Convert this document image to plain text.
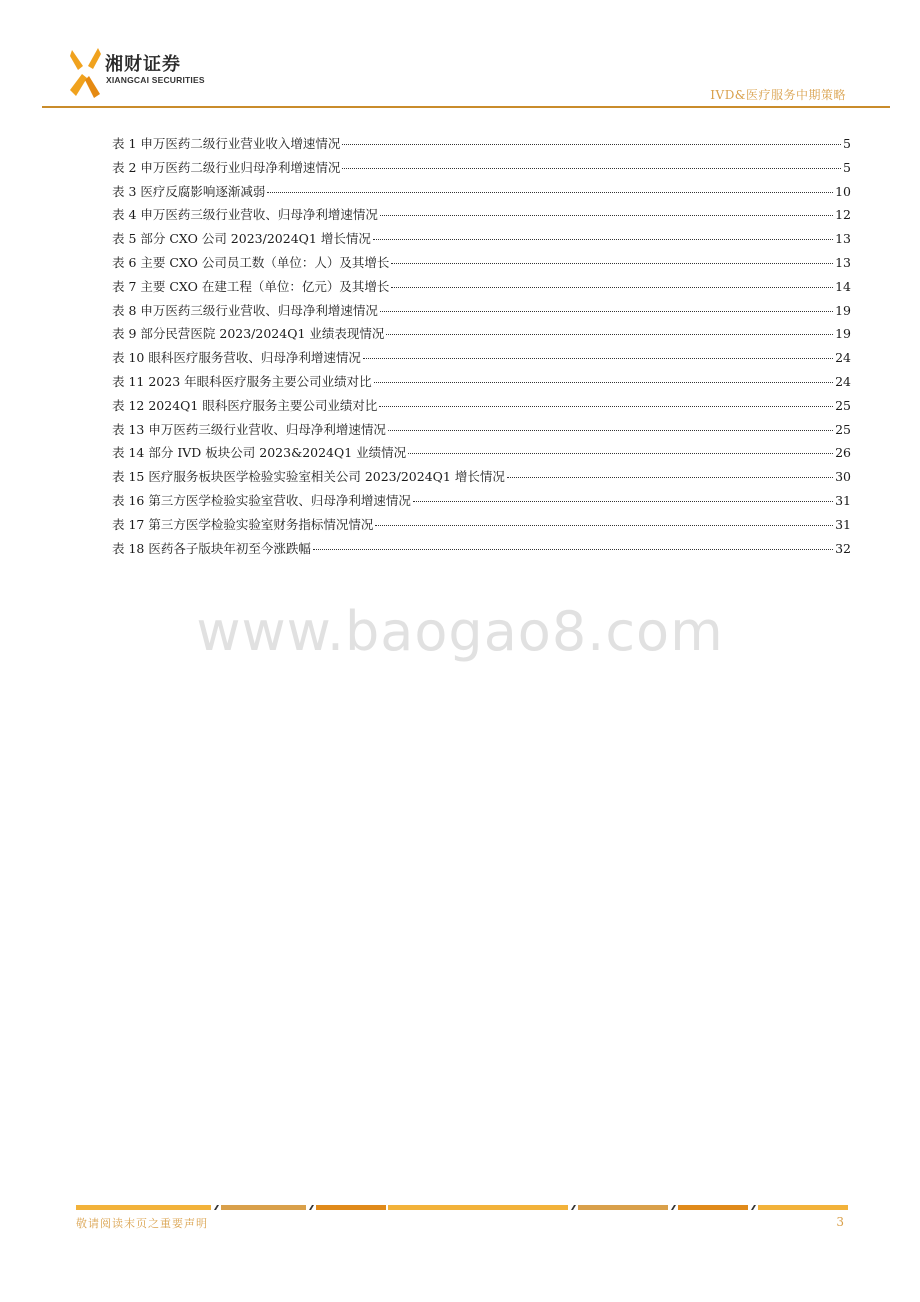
湘财证券
XIANGCAI SECURITIES
IVD&医疗服务中期策略
表 1 申万医药二级行业营业收入增速情况	5
表 2 申万医药二级行业归母净利增速情况	5
表 3 医疗反腐影响逐渐减弱	10
表 4 申万医药三级行业营收、归母净利增速情况	12
表 5 部分 CXO 公司 2023/2024Q1 增长情况	13
表 6 主要 CXO 公司员工数（单位：人）及其增长	13
表 7 主要 CXO 在建工程（单位：亿元）及其增长	14
表 8 申万医药三级行业营收、归母净利增速情况	19
表 9 部分民营医院 2023/2024Q1 业绩表现情况	19
表 10 眼科医疗服务营收、归母净利增速情况	24
表 11 2023 年眼科医疗服务主要公司业绩对比	24
表 12 2024Q1 眼科医疗服务主要公司业绩对比	25
表 13 申万医药三级行业营收、归母净利增速情况	25
表 14 部分 IVD 板块公司 2023&2024Q1 业绩情况	26
表 15 医疗服务板块医学检验实验室相关公司 2023/2024Q1 增长情况	30
表 16 第三方医学检验实验室营收、归母净利增速情况	31
表 17 第三方医学检验实验室财务指标情况情况	31
表 18 医药各子版块年初至今涨跌幅	32
www.baogao8.com
敬请阅读末页之重要声明	3
